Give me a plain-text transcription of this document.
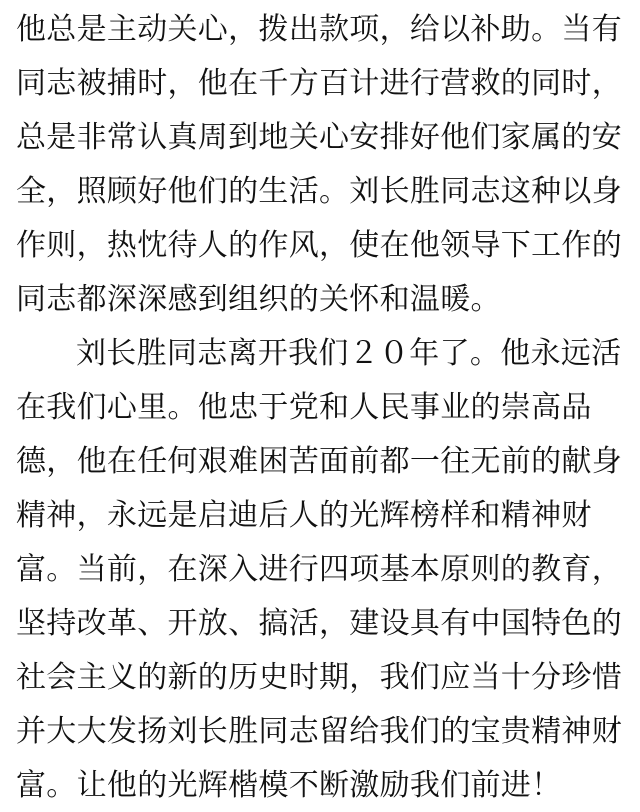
他总是主动关心，拨出款项，给以补助。当有
同志被捕时，他在千方百计进行营救的同时，
总是非常认真周到地关心安排好他们家属的安
全，照顾好他们的生活。刘长胜同志这种以身
作则，热忱待人的作风，使在他领导下工作的
同志都深深感到组织的关怀和温暖。
刘长胜同志离开我们２０年了。他永远活
在我们心里。他忠于党和人民事业的崇高品
德，他在任何艰难困苦面前都一往无前的献身
精神，永远是启迪后人的光辉榜样和精神财
富。当前，在深入进行四项基本原则的教育，
坚持改革、开放、搞活，建设具有中国特色的
社会主义的新的历史时期，我们应当十分珍惜
并大大发扬刘长胜同志留给我们的宝贵精神财
富。让他的光辉楷模不断激励我们前进！
